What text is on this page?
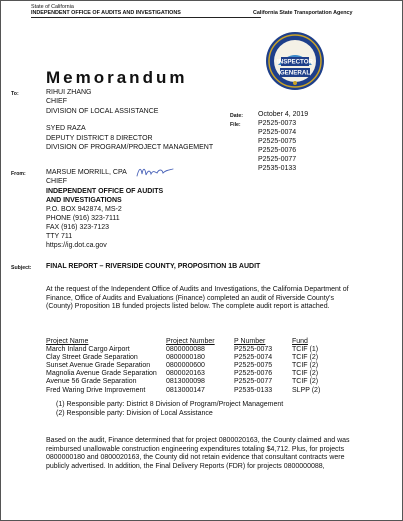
State of California
INDEPENDENT OFFICE OF AUDITS AND INVESTIGATIONS	California State Transportation Agency
INSPECTOR
GENERAL
Memorandum
To:	RIHUI ZHANG
CHIEF
DIVISION OF LOCAL ASSISTANCE
SYED RAZA
DEPUTY DISTRICT 8 DIRECTOR
DIVISION OF PROGRAM/PROJECT MANAGEMENT
Date: October 4, 2019
File: P2525-0073
P2525-0074
P2525-0075
P2525-0076
P2525-0077
P2535-0133
From:	MARSUE MORRILL, CPA
CHIEF
INDEPENDENT OFFICE OF AUDITS
AND INVESTIGATIONS
P.O. BOX 942874, MS-2
PHONE (916) 323-7111
FAX (916) 323-7123
TTY 711
https://ig.dot.ca.gov
Subject: FINAL REPORT – RIVERSIDE COUNTY, PROPOSITION 1B AUDIT
At the request of the Independent Office of Audits and Investigations, the California Department of Finance, Office of Audits and Evaluations (Finance) completed an audit of Riverside County's (County) Proposition 1B funded projects listed below. The complete audit report is attached.
Project Name	Project Number	P Number	Fund
March Inland Cargo Airport	0800000088	P2525-0073	TCIF (1)
Clay Street Grade Separation	0800000180	P2525-0074	TCIF (2)
Sunset Avenue Grade Separation	0800000600	P2525-0075	TCIF (2)
Magnolia Avenue Grade Separation	0800020163	P2525-0076	TCIF (2)
Avenue 56 Grade Separation	0813000098	P2525-0077	TCIF (2)
Fred Waring Drive Improvement	0813000147	P2535-0133	SLPP (2)
(1) Responsible party: District 8 Division of Program/Project Management
(2) Responsible party: Division of Local Assistance
Based on the audit, Finance determined that for project 0800020163, the County claimed and was reimbursed unallowable construction engineering expenditures totaling $4,712. Plus, for projects 0800000180 and 0800020163, the County did not retain evidence that consultant contracts were publicly advertised. In addition, the Final Delivery Reports (FDR) for projects 0800000088,
